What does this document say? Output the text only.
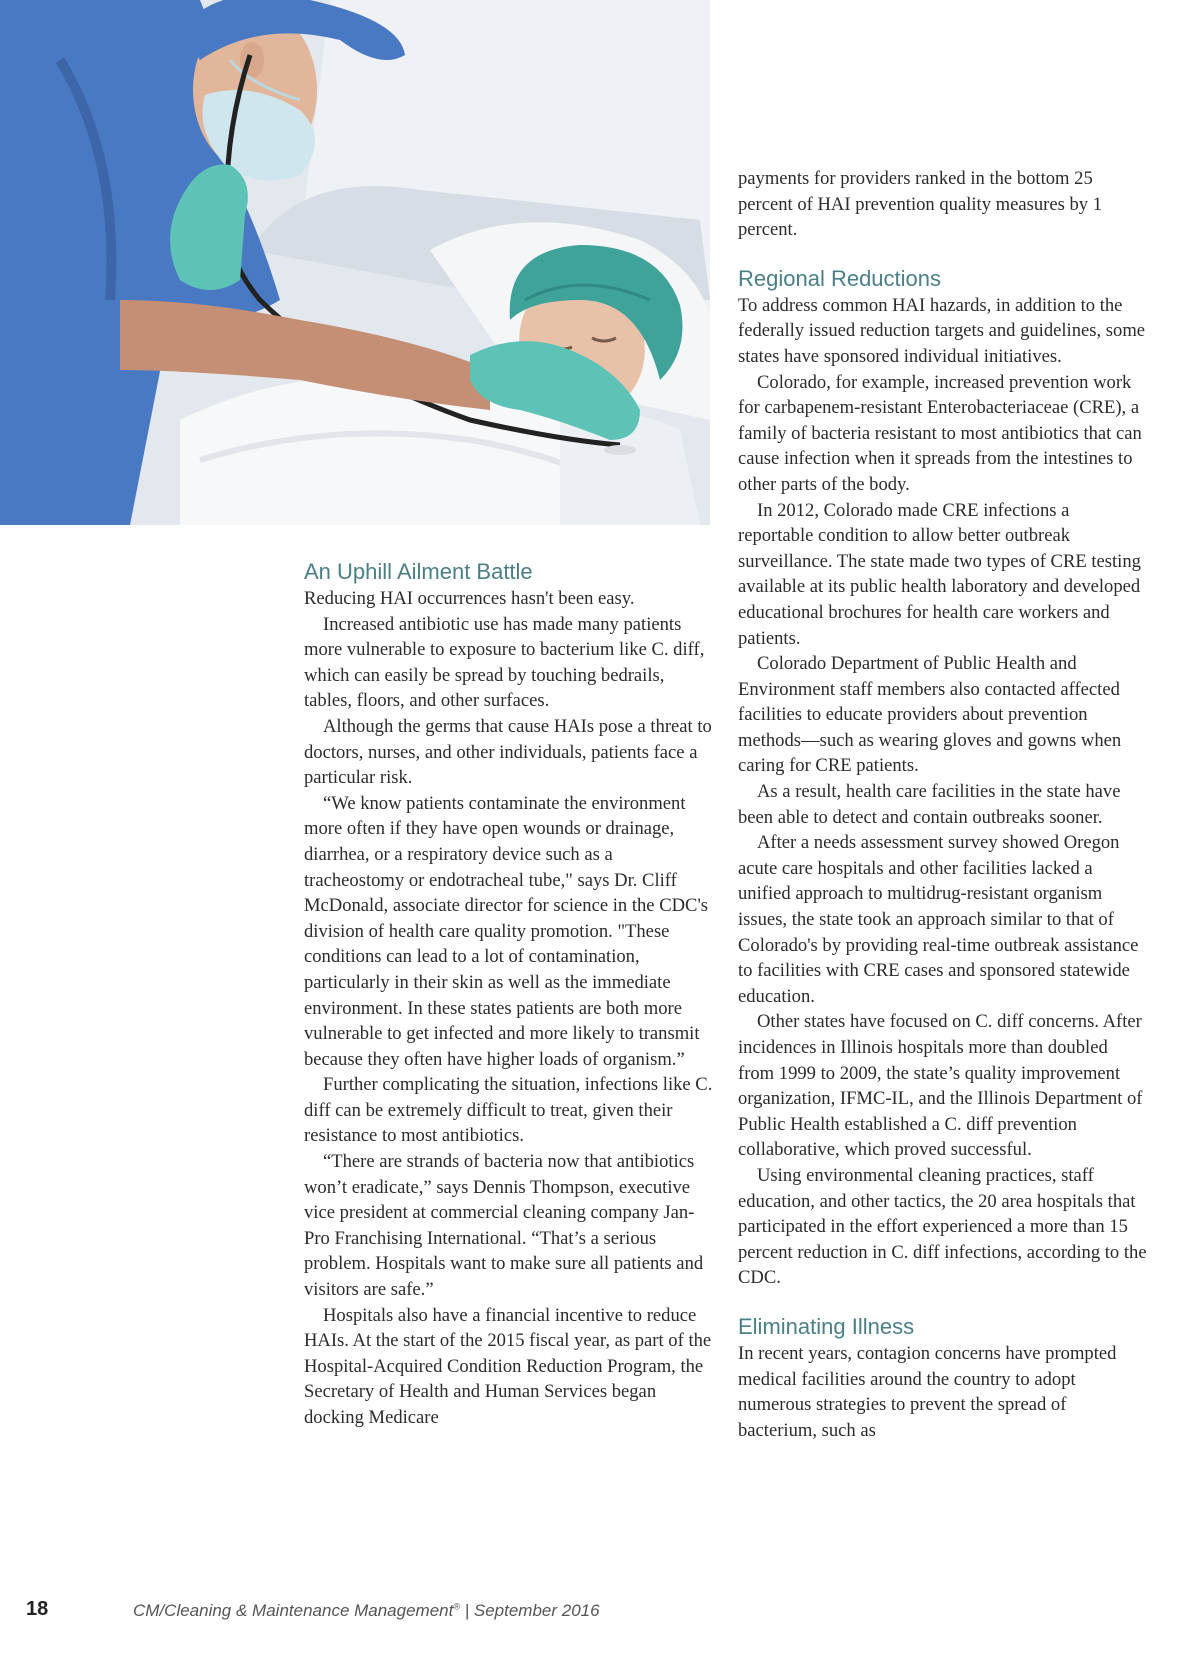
An Uphill Ailment Battle

Reducing HAI occurrences hasn't been easy.

Increased antibiotic use has made many patients more vulnerable to exposure to bacterium like C. diff, which can easily be spread by touching bedrails, tables, floors, and other surfaces.

Although the germs that cause HAIs pose a threat to doctors, nurses, and other individuals, patients face a particular risk.

“We know patients contaminate the environment more often if they have open wounds or drainage, diarrhea, or a respiratory device such as a tracheostomy or endotracheal tube," says Dr. Cliff McDonald, associate director for science in the CDC's division of health care quality promotion. "These conditions can lead to a lot of contamination, particularly in their skin as well as the immediate environment. In these states patients are both more vulnerable to get infected and more likely to transmit because they often have higher loads of organism.”

Further complicating the situation, infections like C. diff can be extremely difficult to treat, given their resistance to most antibiotics.

“There are strands of bacteria now that antibiotics won’t eradicate,” says Dennis Thompson, executive vice president at commercial cleaning company Jan-Pro Franchising International. “That’s a serious problem. Hospitals want to make sure all patients and visitors are safe.”

Hospitals also have a financial incentive to reduce HAIs. At the start of the 2015 fiscal year, as part of the Hospital-Acquired Condition Reduction Program, the Secretary of Health and Human Services began docking Medicare

payments for providers ranked in the bottom 25 percent of HAI prevention quality measures by 1 percent.

Regional Reductions

To address common HAI hazards, in addition to the federally issued reduction targets and guidelines, some states have sponsored individual initiatives.

Colorado, for example, increased prevention work for carbapenem-resistant Enterobacteriaceae (CRE), a family of bacteria resistant to most antibiotics that can cause infection when it spreads from the intestines to other parts of the body.

In 2012, Colorado made CRE infections a reportable condition to allow better outbreak surveillance. The state made two types of CRE testing available at its public health laboratory and developed educational brochures for health care workers and patients.

Colorado Department of Public Health and Environment staff members also contacted affected facilities to educate providers about prevention methods—such as wearing gloves and gowns when caring for CRE patients.

As a result, health care facilities in the state have been able to detect and contain outbreaks sooner.

After a needs assessment survey showed Oregon acute care hospitals and other facilities lacked a unified approach to multidrug-resistant organism issues, the state took an approach similar to that of Colorado's by providing real-time outbreak assistance to facilities with CRE cases and sponsored statewide education.

Other states have focused on C. diff concerns. After incidences in Illinois hospitals more than doubled from 1999 to 2009, the state’s quality improvement organization, IFMC-IL, and the Illinois Department of Public Health established a C. diff prevention collaborative, which proved successful.

Using environmental cleaning practices, staff education, and other tactics, the 20 area hospitals that participated in the effort experienced a more than 15 percent reduction in C. diff infections, according to the CDC.

Eliminating Illness

In recent years, contagion concerns have prompted medical facilities around the country to adopt numerous strategies to prevent the spread of bacterium, such as

18	CM/Cleaning & Maintenance Management® | September 2016
